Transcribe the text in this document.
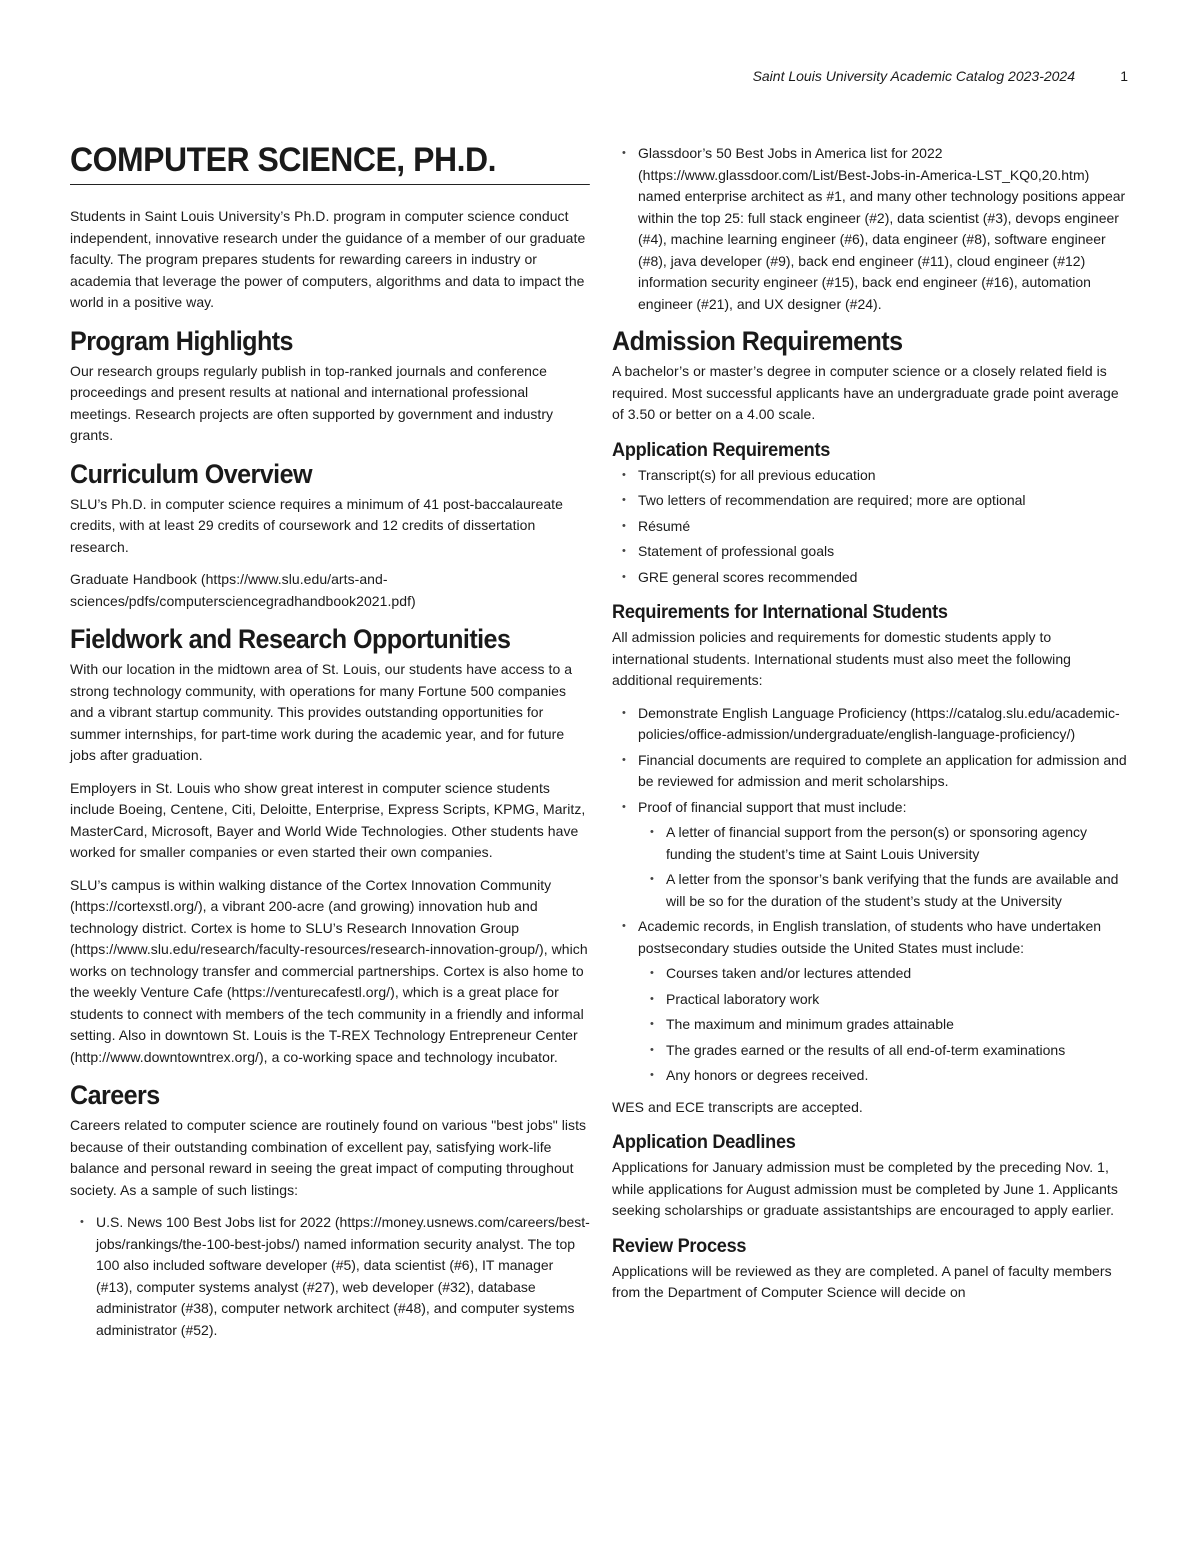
Saint Louis University Academic Catalog 2023-2024	1
COMPUTER SCIENCE, PH.D.

Students in Saint Louis University’s Ph.D. program in computer science conduct independent, innovative research under the guidance of a member of our graduate faculty. The program prepares students for rewarding careers in industry or academia that leverage the power of computers, algorithms and data to impact the world in a positive way.

Program Highlights

Our research groups regularly publish in top-ranked journals and conference proceedings and present results at national and international professional meetings. Research projects are often supported by government and industry grants.

Curriculum Overview

SLU’s Ph.D. in computer science requires a minimum of 41 post-baccalaureate credits, with at least 29 credits of coursework and 12 credits of dissertation research.

Graduate Handbook (https://www.slu.edu/arts-and-sciences/pdfs/computersciencegradhandbook2021.pdf)

Fieldwork and Research Opportunities

With our location in the midtown area of St. Louis, our students have access to a strong technology community, with operations for many Fortune 500 companies and a vibrant startup community. This provides outstanding opportunities for summer internships, for part-time work during the academic year, and for future jobs after graduation.

Employers in St. Louis who show great interest in computer science students include Boeing, Centene, Citi, Deloitte, Enterprise, Express Scripts, KPMG, Maritz, MasterCard, Microsoft, Bayer and World Wide Technologies. Other students have worked for smaller companies or even started their own companies.

SLU’s campus is within walking distance of the Cortex Innovation Community (https://cortexstl.org/), a vibrant 200-acre (and growing) innovation hub and technology district. Cortex is home to SLU’s Research Innovation Group (https://www.slu.edu/research/faculty-resources/research-innovation-group/), which works on technology transfer and commercial partnerships. Cortex is also home to the weekly Venture Cafe (https://venturecafestl.org/), which is a great place for students to connect with members of the tech community in a friendly and informal setting. Also in downtown St. Louis is the T-REX Technology Entrepreneur Center (http://www.downtowntrex.org/), a co-working space and technology incubator.

Careers

Careers related to computer science are routinely found on various "best jobs" lists because of their outstanding combination of excellent pay, satisfying work-life balance and personal reward in seeing the great impact of computing throughout society. As a sample of such listings:

• U.S. News 100 Best Jobs list for 2022 (https://money.usnews.com/careers/best-jobs/rankings/the-100-best-jobs/) named information security analyst. The top 100 also included software developer (#5), data scientist (#6), IT manager (#13), computer systems analyst (#27), web developer (#32), database administrator (#38), computer network architect (#48), and computer systems administrator (#52).
• Glassdoor’s 50 Best Jobs in America list for 2022 (https://www.glassdoor.com/List/Best-Jobs-in-America-LST_KQ0,20.htm) named enterprise architect as #1, and many other technology positions appear within the top 25: full stack engineer (#2), data scientist (#3), devops engineer (#4), machine learning engineer (#6), data engineer (#8), software engineer (#8), java developer (#9), back end engineer (#11), cloud engineer (#12) information security engineer (#15), back end engineer (#16), automation engineer (#21), and UX designer (#24).
Admission Requirements

A bachelor’s or master’s degree in computer science or a closely related field is required. Most successful applicants have an undergraduate grade point average of 3.50 or better on a 4.00 scale.

Application Requirements
• Transcript(s) for all previous education
• Two letters of recommendation are required; more are optional
• Résumé
• Statement of professional goals
• GRE general scores recommended
Requirements for International Students

All admission policies and requirements for domestic students apply to international students. International students must also meet the following additional requirements:

• Demonstrate English Language Proficiency (https://catalog.slu.edu/academic-policies/office-admission/undergraduate/english-language-proficiency/)
• Financial documents are required to complete an application for admission and be reviewed for admission and merit scholarships.
• Proof of financial support that must include:
• A letter of financial support from the person(s) or sponsoring agency funding the student’s time at Saint Louis University
• A letter from the sponsor’s bank verifying that the funds are available and will be so for the duration of the student’s study at the University
• Academic records, in English translation, of students who have undertaken postsecondary studies outside the United States must include:
• Courses taken and/or lectures attended
• Practical laboratory work
• The maximum and minimum grades attainable
• The grades earned or the results of all end-of-term examinations
• Any honors or degrees received.

WES and ECE transcripts are accepted.

Application Deadlines

Applications for January admission must be completed by the preceding Nov. 1, while applications for August admission must be completed by June 1. Applicants seeking scholarships or graduate assistantships are encouraged to apply earlier.

Review Process

Applications will be reviewed as they are completed. A panel of faculty members from the Department of Computer Science will decide on
